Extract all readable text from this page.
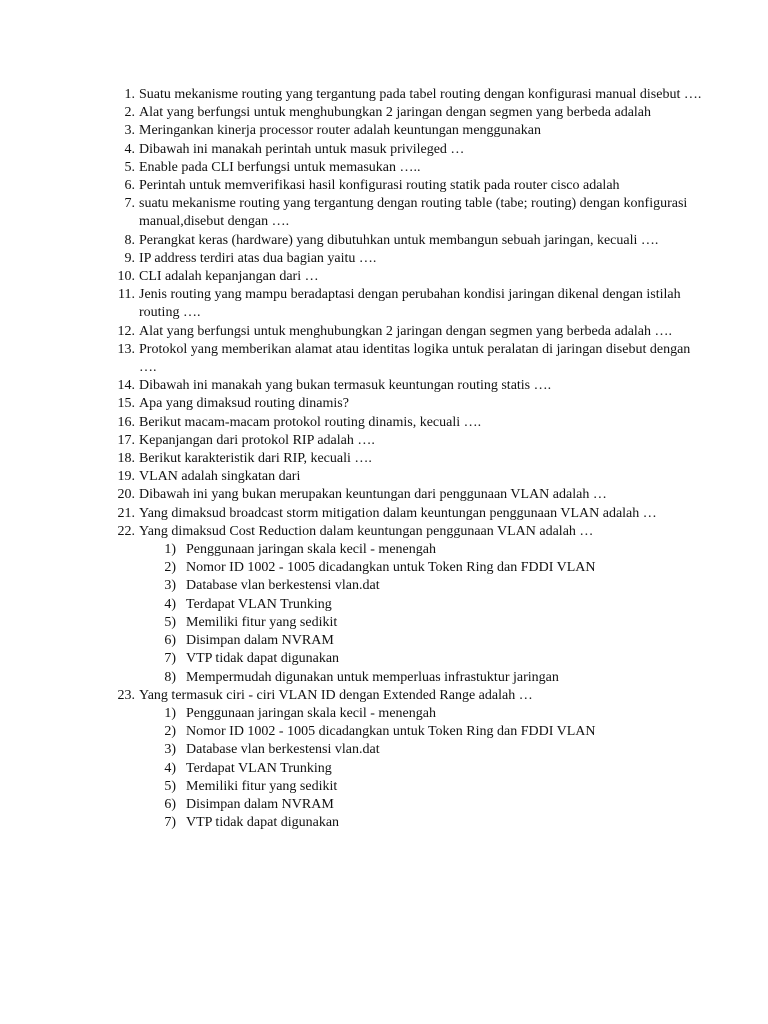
1. Suatu mekanisme routing yang tergantung pada tabel routing dengan konfigurasi manual disebut ….
2. Alat yang berfungsi untuk menghubungkan 2 jaringan dengan segmen yang berbeda adalah
3. Meringankan kinerja processor router adalah keuntungan menggunakan
4. Dibawah ini manakah perintah untuk masuk privileged …
5. Enable pada CLI berfungsi untuk memasukan …..
6. Perintah untuk memverifikasi hasil konfigurasi routing statik pada router cisco adalah
7. suatu mekanisme routing yang tergantung dengan routing table (tabe; routing) dengan konfigurasi manual,disebut dengan ….
8. Perangkat keras (hardware) yang dibutuhkan untuk membangun sebuah jaringan, kecuali ….
9. IP address terdiri atas dua bagian yaitu ….
10. CLI adalah kepanjangan dari …
11. Jenis routing yang mampu beradaptasi dengan perubahan kondisi jaringan dikenal dengan istilah routing ….
12. Alat yang berfungsi untuk menghubungkan 2 jaringan dengan segmen yang berbeda adalah ….
13. Protokol yang memberikan alamat atau identitas logika untuk peralatan di jaringan disebut dengan ….
14. Dibawah ini manakah yang bukan termasuk keuntungan routing statis ….
15. Apa yang dimaksud routing dinamis?
16. Berikut macam-macam protokol routing dinamis, kecuali ….
17. Kepanjangan dari protokol RIP adalah ….
18. Berikut karakteristik dari RIP, kecuali ….
19. VLAN adalah singkatan dari
20. Dibawah ini yang bukan merupakan keuntungan dari penggunaan VLAN adalah …
21. Yang dimaksud broadcast storm mitigation dalam keuntungan penggunaan VLAN adalah …
22. Yang dimaksud Cost Reduction dalam keuntungan penggunaan VLAN adalah …
1) Penggunaan jaringan skala kecil - menengah
2) Nomor ID 1002 - 1005 dicadangkan untuk Token Ring dan FDDI VLAN
3) Database vlan berkestensi vlan.dat
4) Terdapat VLAN Trunking
5) Memiliki fitur yang sedikit
6) Disimpan dalam NVRAM
7) VTP tidak dapat digunakan
8) Mempermudah digunakan untuk memperluas infrastuktur jaringan
23. Yang termasuk ciri - ciri VLAN ID dengan Extended Range adalah …
1) Penggunaan jaringan skala kecil - menengah
2) Nomor ID 1002 - 1005 dicadangkan untuk Token Ring dan FDDI VLAN
3) Database vlan berkestensi vlan.dat
4) Terdapat VLAN Trunking
5) Memiliki fitur yang sedikit
6) Disimpan dalam NVRAM
7) VTP tidak dapat digunakan
